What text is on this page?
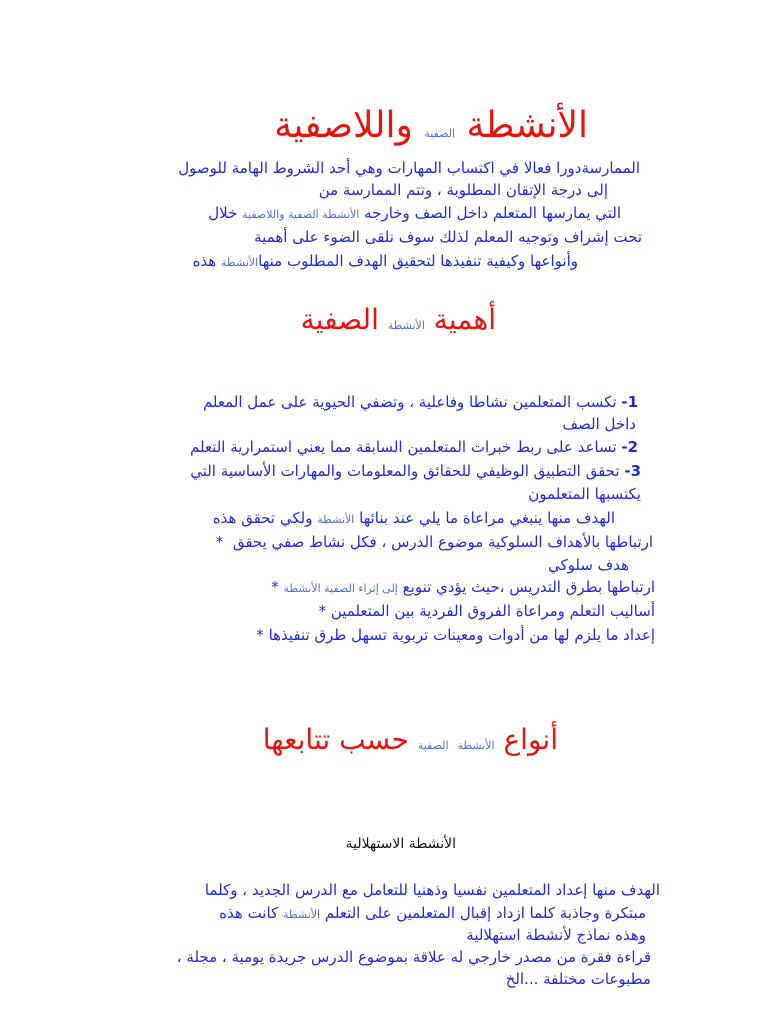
الأنشطة الصفية واللاصفية
الممارسةدورا فعالا في اكتساب المهارات وهي أحد الشروط الهامة للوصول
إلى درجة الإتقان المطلوبة ، وتتم الممارسة من
التي يمارسها المتعلم داخل الصف وخارجه الأنشطة الصفية واللاصفية خلال
تحت إشراف وتوجيه المعلم لذلك سوف نلقى الضوء على أهمية
وأنواعها وكيفية تنفيذها لتحقيق الهدف المطلوب منهاالأنشطة هذه
أهمية الأنشطة الصفية
1- تكسب المتعلمين نشاطا وفاعلية ، وتضفي الحيوية على عمل المعلم
داخل الصف
2- تساعد على ربط خبرات المتعلمين السابقة مما يعني استمرارية التعلم
3- تحقق التطبيق الوظيفي للحقائق والمعلومات والمهارات الأساسية التي
يكتسبها المتعلمون
الهدف منها ينبغي مراعاة ما يلي عند بنائها الأنشطة ولكي تحقق هذه
ارتباطها بالأهداف السلوكية موضوع الدرس ، فكل نشاط صفي يحقق  *
هدف سلوكي
ارتباطها بطرق التدريس ،حيث يؤدي تنويع إلى إثراء الصفية الأنشطة *
أساليب التعلم ومراعاة الفروق الفردية بين المتعلمين *
إعداد ما يلزم لها من أدوات ومعينات تربوية تسهل طرق تنفيذها *
أنواع الأنشطة الصفية حسب تتابعها
الأنشطة الاستهلالية
الهدف منها إعداد المتعلمين نفسيا وذهنيا للتعامل مع الدرس الجديد ، وكلما
مبتكرة وجاذبة كلما ازداد إقبال المتعلمين على التعلم الأنشطة كانت هذه
وهذه نماذج لأنشطة استهلالية
قراءة فقرة من مصدر خارجي له علاقة بموضوع الدرس جريدة يومية ، مجلة ،
مطبوعات مختلفة ...الخ
